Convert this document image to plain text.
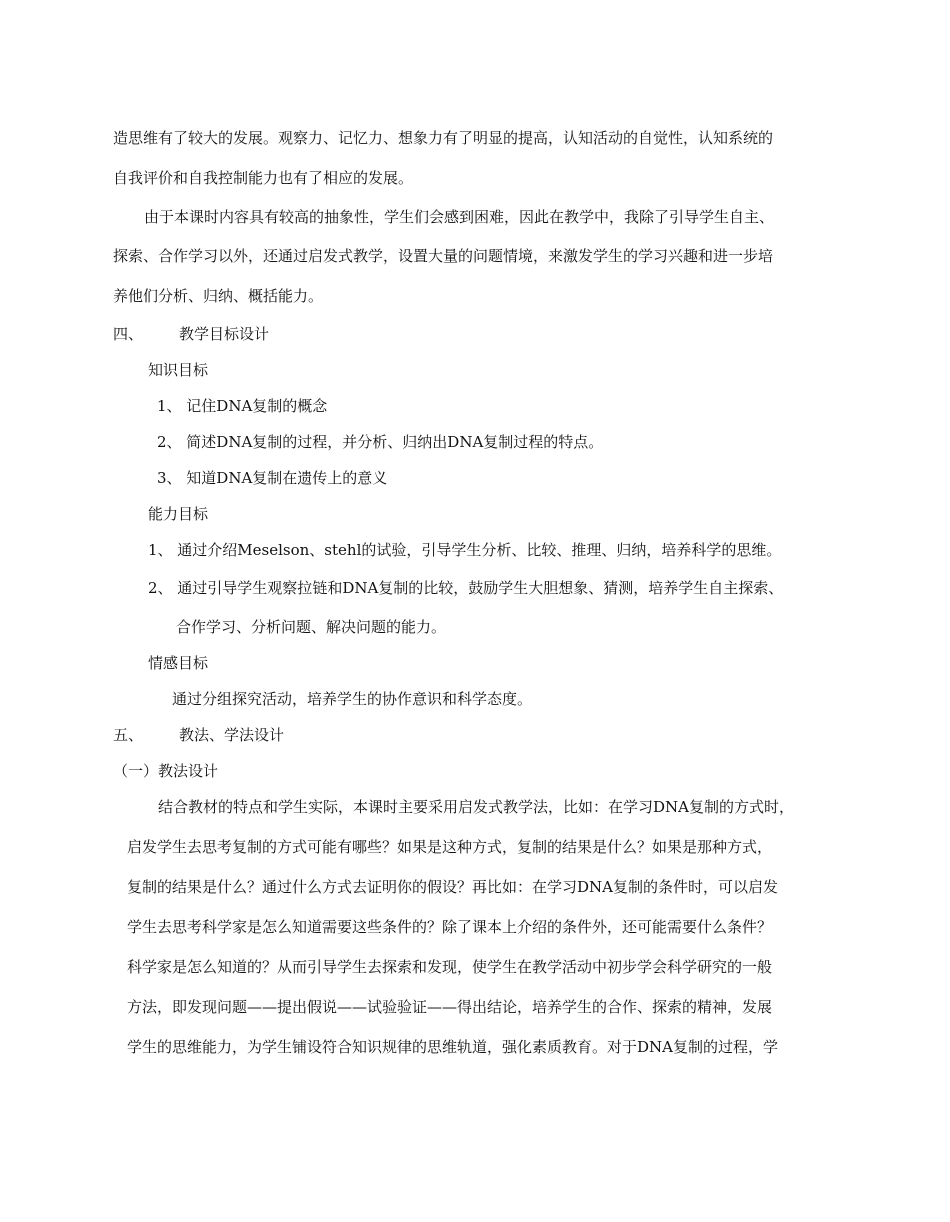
造思维有了较大的发展。观察力、记忆力、想象力有了明显的提高，认知活动的自觉性，认知系统的
自我评价和自我控制能力也有了相应的发展。
由于本课时内容具有较高的抽象性，学生们会感到困难，因此在教学中，我除了引导学生自主、
探索、合作学习以外，还通过启发式教学，设置大量的问题情境，来激发学生的学习兴趣和进一步培
养他们分析、归纳、概括能力。
四、 教学目标设计
知识目标
1、 记住DNA复制的概念
2、 简述DNA复制的过程，并分析、归纳出DNA复制过程的特点。
3、 知道DNA复制在遗传上的意义
能力目标
1、 通过介绍Meselson、stehl的试验，引导学生分析、比较、推理、归纳，培养科学的思维。
2、 通过引导学生观察拉链和DNA复制的比较，鼓励学生大胆想象、猜测，培养学生自主探索、
合作学习、分析问题、解决问题的能力。
情感目标
通过分组探究活动，培养学生的协作意识和科学态度。
五、 教法、学法设计
（一）教法设计
结合教材的特点和学生实际，本课时主要采用启发式教学法，比如：在学习DNA复制的方式时，
启发学生去思考复制的方式可能有哪些？如果是这种方式，复制的结果是什么？如果是那种方式，
复制的结果是什么？通过什么方式去证明你的假设？再比如：在学习DNA复制的条件时，可以启发
学生去思考科学家是怎么知道需要这些条件的？除了课本上介绍的条件外，还可能需要什么条件？
科学家是怎么知道的？从而引导学生去探索和发现，使学生在教学活动中初步学会科学研究的一般
方法，即发现问题——提出假说——试验验证——得出结论，培养学生的合作、探索的精神，发展
学生的思维能力，为学生铺设符合知识规律的思维轨道，强化素质教育。对于DNA复制的过程，学
